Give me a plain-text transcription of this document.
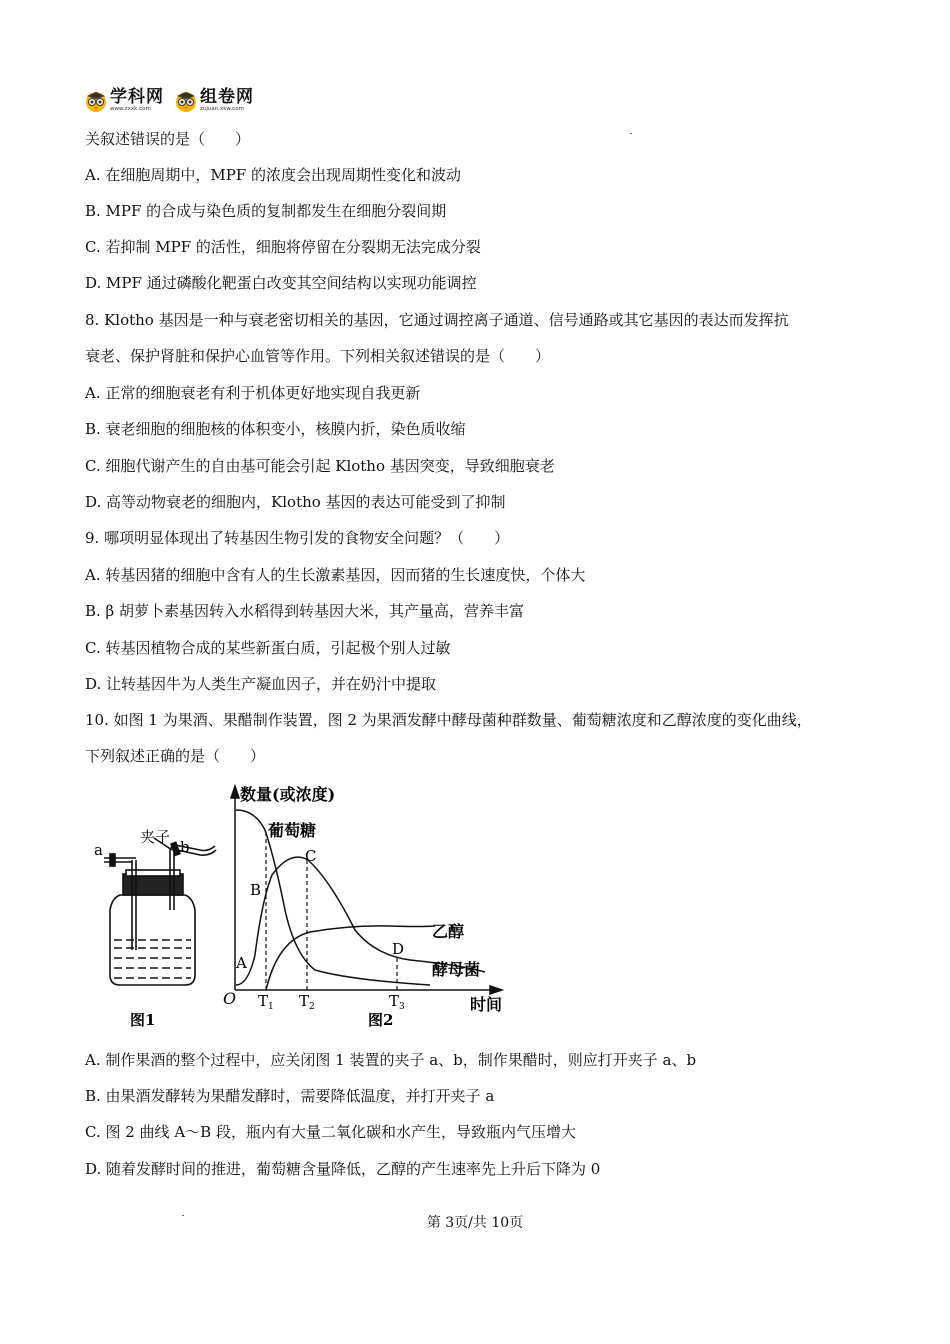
学科网
www.zxxk.com
组卷网
zujuan.xkw.com
关叙述错误的是（　　）
A. 在细胞周期中，MPF 的浓度会出现周期性变化和波动
B. MPF 的合成与染色质的复制都发生在细胞分裂间期
C. 若抑制 MPF 的活性，细胞将停留在分裂期无法完成分裂
D. MPF 通过磷酸化靶蛋白改变其空间结构以实现功能调控
8. Klotho 基因是一种与衰老密切相关的基因，它通过调控离子通道、信号通路或其它基因的表达而发挥抗
衰老、保护肾脏和保护心血管等作用。下列相关叙述错误的是（　　）
A. 正常的细胞衰老有利于机体更好地实现自我更新
B. 衰老细胞的细胞核的体积变小，核膜内折，染色质收缩
C. 细胞代谢产生的自由基可能会引起 Klotho 基因突变，导致细胞衰老
D. 高等动物衰老的细胞内，Klotho 基因的表达可能受到了抑制
9. 哪项明显体现出了转基因生物引发的食物安全问题？（　　）
A. 转基因猪的细胞中含有人的生长激素基因，因而猪的生长速度快，个体大
B. β 胡萝卜素基因转入水稻得到转基因大米，其产量高，营养丰富
C. 转基因植物合成的某些新蛋白质，引起极个别人过敏
D. 让转基因牛为人类生产凝血因子，并在奶汁中提取
10. 如图 1 为果酒、果醋制作装置，图 2 为果酒发酵中酵母菌种群数量、葡萄糖浓度和乙醇浓度的变化曲线，
下列叙述正确的是（　　）
夹子
a	b
图1
数量(或浓度)
时间
O
葡萄糖
乙醇
酵母菌
A
B
C
D
$T_1$ $T_2$	$T_3$
图2
A. 制作果酒的整个过程中，应关闭图 1 装置的夹子 a、b，制作果醋时，则应打开夹子 a、b
B. 由果酒发酵转为果醋发酵时，需要降低温度，并打开夹子 a
C. 图 2 曲线 A～B 段，瓶内有大量二氧化碳和水产生，导致瓶内气压增大
D. 随着发酵时间的推进，葡萄糖含量降低，乙醇的产生速率先上升后下降为 0
第 3页/共 10页
